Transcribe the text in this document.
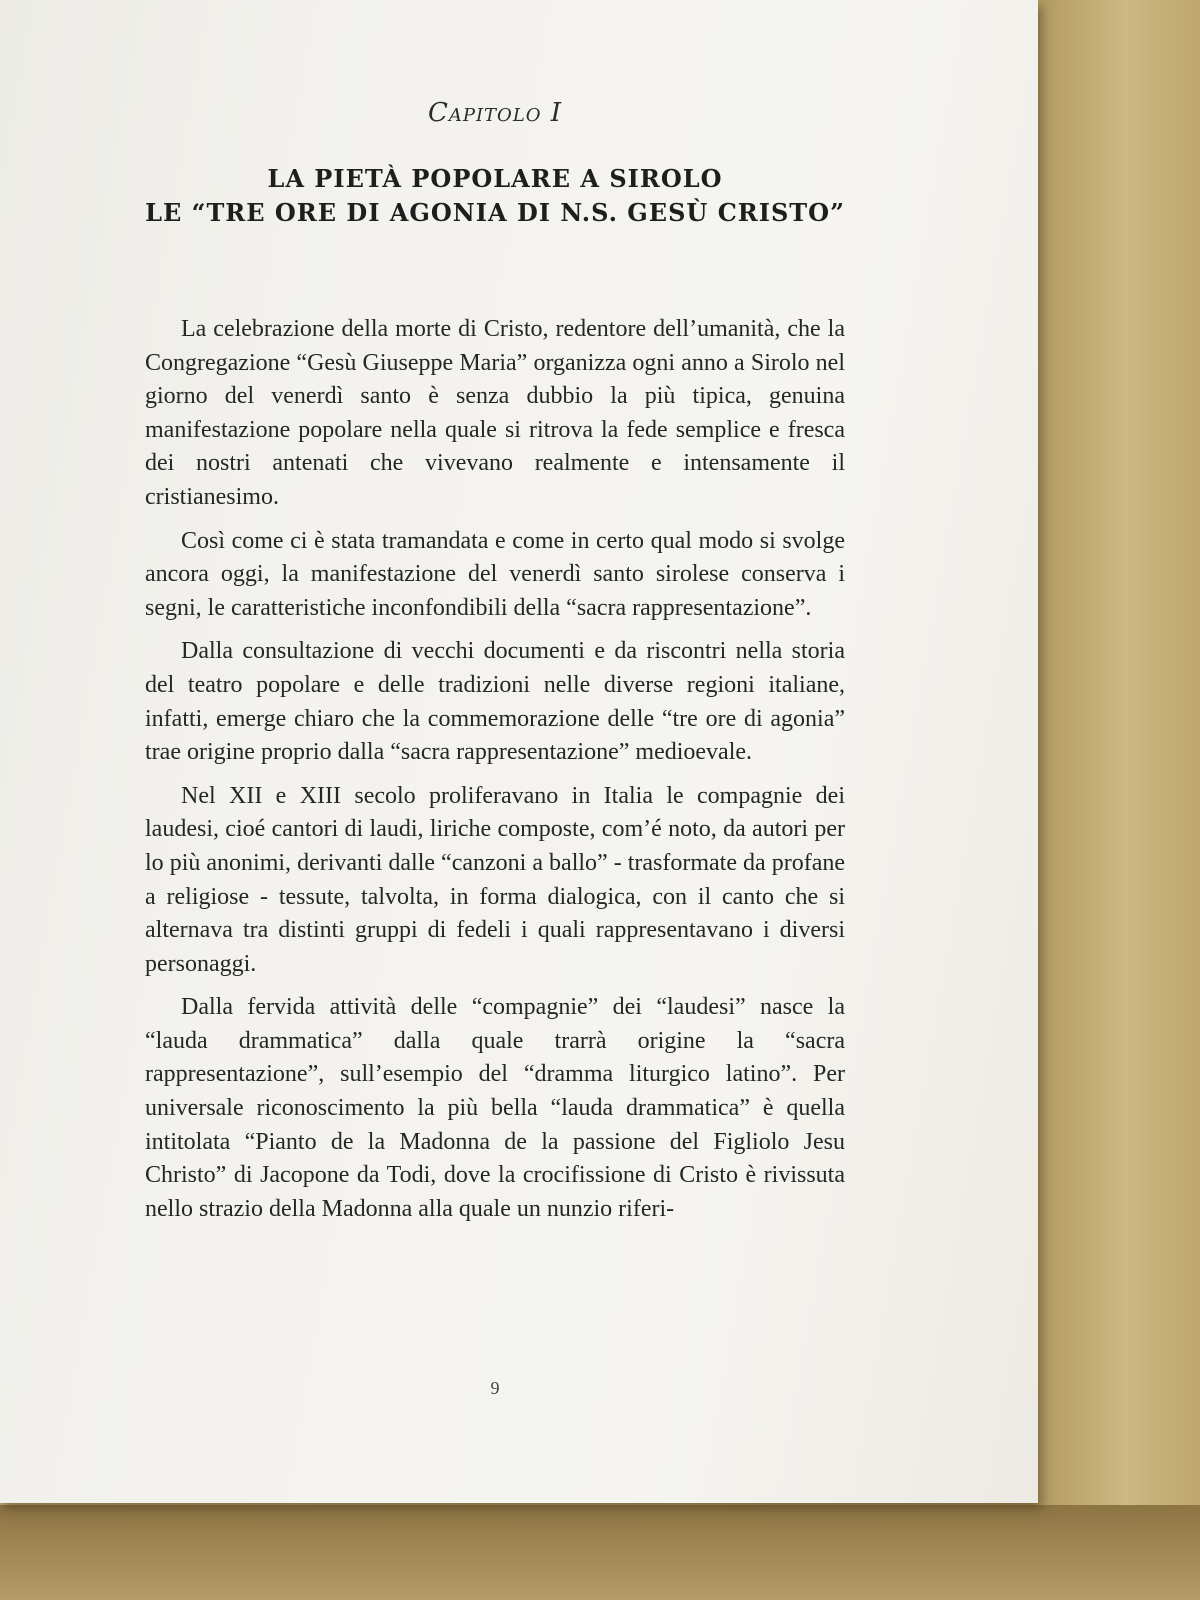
Capitolo I
LA PIETÀ POPOLARE A SIROLO
LE “TRE ORE DI AGONIA DI N.S. GESÙ CRISTO”

La celebrazione della morte di Cristo, redentore dell’umanità, che la Congregazione “Gesù Giuseppe Maria” organizza ogni anno a Sirolo nel giorno del venerdì santo è senza dubbio la più tipica, genuina manifestazione popolare nella quale si ritrova la fede semplice e fresca dei nostri antenati che vivevano realmente e intensamente il cristianesimo.

Così come ci è stata tramandata e come in certo qual modo si svolge ancora oggi, la manifestazione del venerdì santo sirolese conserva i segni, le caratteristiche inconfondibili della “sacra rappresentazione”.

Dalla consultazione di vecchi documenti e da riscontri nella storia del teatro popolare e delle tradizioni nelle diverse regioni italiane, infatti, emerge chiaro che la commemorazione delle “tre ore di agonia” trae origine proprio dalla “sacra rappresentazione” medioevale.

Nel XII e XIII secolo proliferavano in Italia le compagnie dei laudesi, cioé cantori di laudi, liriche composte, com’é noto, da autori per lo più anonimi, derivanti dalle “canzoni a ballo” - trasformate da profane a religiose - tessute, talvolta, in forma dialogica, con il canto che si alternava tra distinti gruppi di fedeli i quali rappresentavano i diversi personaggi.

Dalla fervida attività delle “compagnie” dei “laudesi” nasce la “lauda drammatica” dalla quale trarrà origine la “sacra rappresentazione”, sull’esempio del “dramma liturgico latino”. Per universale riconoscimento la più bella “lauda drammatica” è quella intitolata “Pianto de la Madonna de la passione del Figliolo Jesu Christo” di Jacopone da Todi, dove la crocifissione di Cristo è rivissuta nello strazio della Madonna alla quale un nunzio riferi-

9
